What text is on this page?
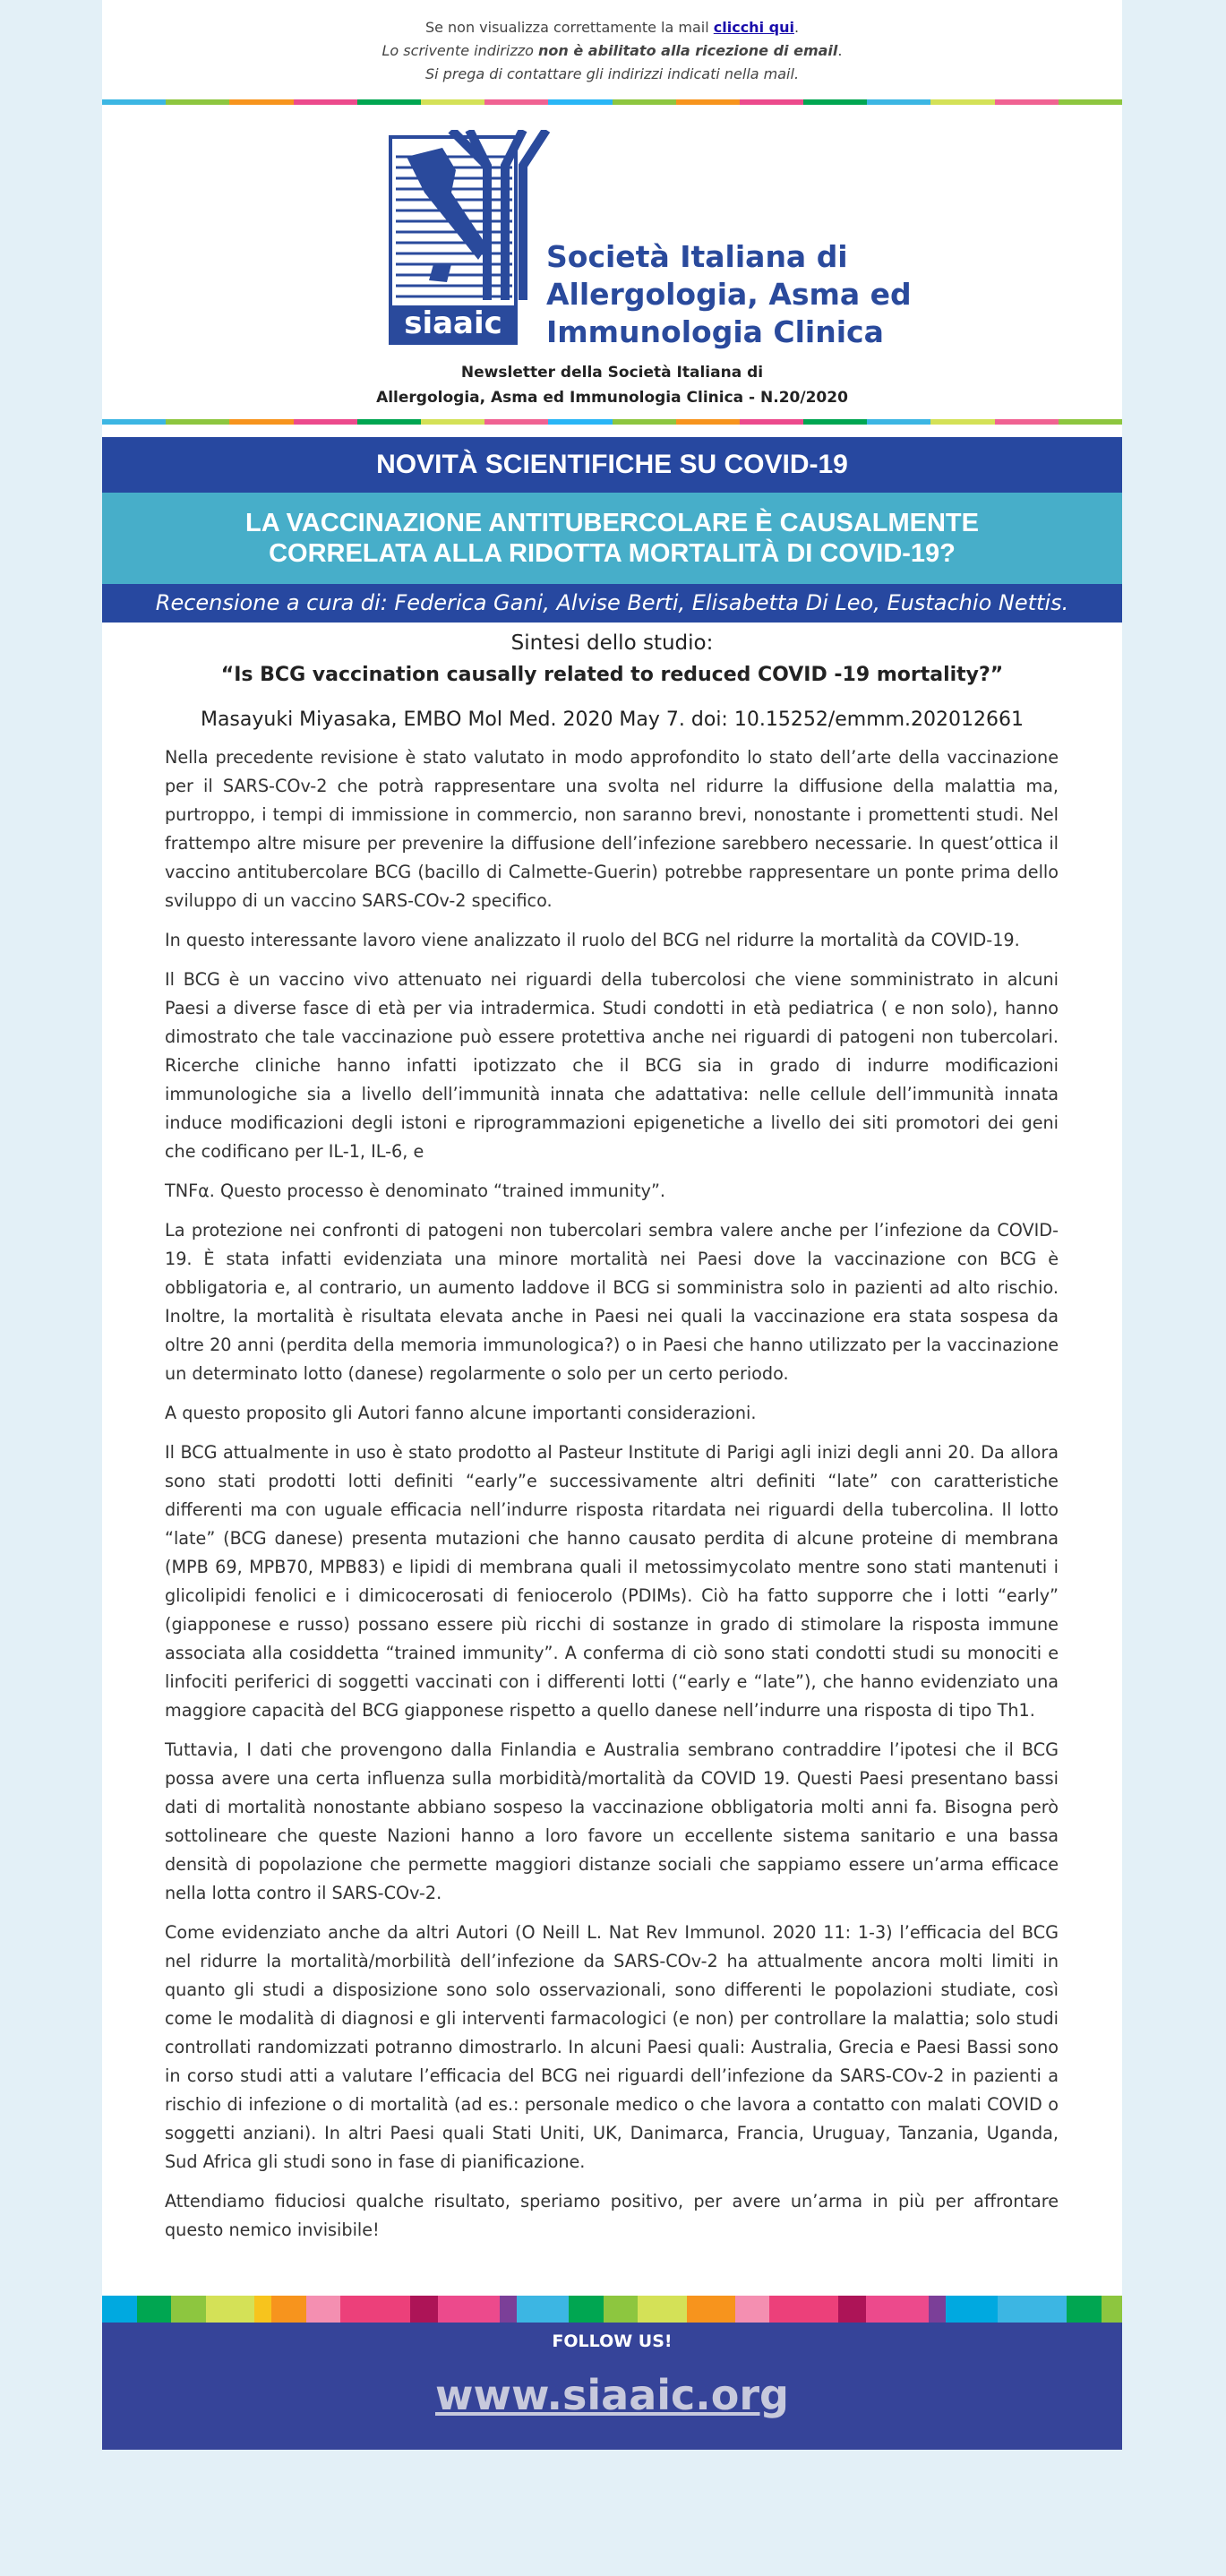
Se non visualizza correttamente la mail clicchi qui.
Lo scrivente indirizzo non è abilitato alla ricezione di email.
Si prega di contattare gli indirizzi indicati nella mail.
siaaic
Società Italiana di
Allergologia, Asma ed
Immunologia Clinica
Newsletter della Società Italiana di
Allergologia, Asma ed Immunologia Clinica - N.20/2020
NOVITÀ SCIENTIFICHE SU COVID-19
LA VACCINAZIONE ANTITUBERCOLARE È CAUSALMENTE
CORRELATA ALLA RIDOTTA MORTALITÀ DI COVID-19?
Recensione a cura di: Federica Gani, Alvise Berti, Elisabetta Di Leo, Eustachio Nettis.
Sintesi dello studio:
“Is BCG vaccination causally related to reduced COVID -19 mortality?”
Masayuki Miyasaka, EMBO Mol Med. 2020 May 7. doi: 10.15252/emmm.202012661

Nella precedente revisione è stato valutato in modo approfondito lo stato dell’arte della vaccinazione per il SARS-COv-2 che potrà rappresentare una svolta nel ridurre la diffusione della malattia ma, purtroppo, i tempi di immissione in commercio, non saranno brevi, nonostante i promettenti studi. Nel frattempo altre misure per prevenire la diffusione dell’infezione sarebbero necessarie. In quest’ottica il vaccino antitubercolare BCG (bacillo di Calmette-Guerin) potrebbe rappresentare un ponte prima dello sviluppo di un vaccino SARS-COv-2 specifico.

In questo interessante lavoro viene analizzato il ruolo del BCG nel ridurre la mortalità da COVID-19.

Il BCG è un vaccino vivo attenuato nei riguardi della tubercolosi che viene somministrato in alcuni Paesi a diverse fasce di età per via intradermica. Studi condotti in età pediatrica ( e non solo), hanno dimostrato che tale vaccinazione può essere protettiva anche nei riguardi di patogeni non tubercolari. Ricerche cliniche hanno infatti ipotizzato che il BCG sia in grado di indurre modificazioni immunologiche sia a livello dell’immunità innata che adattativa: nelle cellule dell’immunità innata induce modificazioni degli istoni e riprogrammazioni epigenetiche a livello dei siti promotori dei geni che codificano per IL-1, IL-6, e

TNFα. Questo processo è denominato “trained immunity”.

La protezione nei confronti di patogeni non tubercolari sembra valere anche per l’infezione da COVID-19. È stata infatti evidenziata una minore mortalità nei Paesi dove la vaccinazione con BCG è obbligatoria e, al contrario, un aumento laddove il BCG si somministra solo in pazienti ad alto rischio. Inoltre, la mortalità è risultata elevata anche in Paesi nei quali la vaccinazione era stata sospesa da oltre 20 anni (perdita della memoria immunologica?) o in Paesi che hanno utilizzato per la vaccinazione un determinato lotto (danese) regolarmente o solo per un certo periodo.

A questo proposito gli Autori fanno alcune importanti considerazioni.

Il BCG attualmente in uso è stato prodotto al Pasteur Institute di Parigi agli inizi degli anni 20. Da allora sono stati prodotti lotti definiti “early”e successivamente altri definiti “late” con caratteristiche differenti ma con uguale efficacia nell’indurre risposta ritardata nei riguardi della tubercolina. Il lotto “late” (BCG danese) presenta mutazioni che hanno causato perdita di alcune proteine di membrana (MPB 69, MPB70, MPB83) e lipidi di membrana quali il metossimycolato mentre sono stati mantenuti i glicolipidi fenolici e i dimicocerosati di feniocerolo (PDIMs). Ciò ha fatto supporre che i lotti “early” (giapponese e russo) possano essere più ricchi di sostanze in grado di stimolare la risposta immune associata alla cosiddetta “trained immunity”. A conferma di ciò sono stati condotti studi su monociti e linfociti periferici di soggetti vaccinati con i differenti lotti (“early e “late”), che hanno evidenziato una maggiore capacità del BCG giapponese rispetto a quello danese nell’indurre una risposta di tipo Th1.

Tuttavia, I dati che provengono dalla Finlandia e Australia sembrano contraddire l’ipotesi che il BCG possa avere una certa influenza sulla morbidità/mortalità da COVID 19. Questi Paesi presentano bassi dati di mortalità nonostante abbiano sospeso la vaccinazione obbligatoria molti anni fa. Bisogna però sottolineare che queste Nazioni hanno a loro favore un eccellente sistema sanitario e una bassa densità di popolazione che permette maggiori distanze sociali che sappiamo essere un’arma efficace nella lotta contro il SARS-COv-2.

Come evidenziato anche da altri Autori (O Neill L. Nat Rev Immunol. 2020 11: 1-3) l’efficacia del BCG nel ridurre la mortalità/morbilità dell’infezione da SARS-COv-2 ha attualmente ancora molti limiti in quanto gli studi a disposizione sono solo osservazionali, sono differenti le popolazioni studiate, così come le modalità di diagnosi e gli interventi farmacologici (e non) per controllare la malattia; solo studi controllati randomizzati potranno dimostrarlo. In alcuni Paesi quali: Australia, Grecia e Paesi Bassi sono in corso studi atti a valutare l’efficacia del BCG nei riguardi dell’infezione da SARS-COv-2 in pazienti a rischio di infezione o di mortalità (ad es.: personale medico o che lavora a contatto con malati COVID o soggetti anziani). In altri Paesi quali Stati Uniti, UK, Danimarca, Francia, Uruguay, Tanzania, Uganda, Sud Africa gli studi sono in fase di pianificazione.

Attendiamo fiduciosi qualche risultato, speriamo positivo, per avere un’arma in più per affrontare questo nemico invisibile!

FOLLOW US!
www.siaaic.org
